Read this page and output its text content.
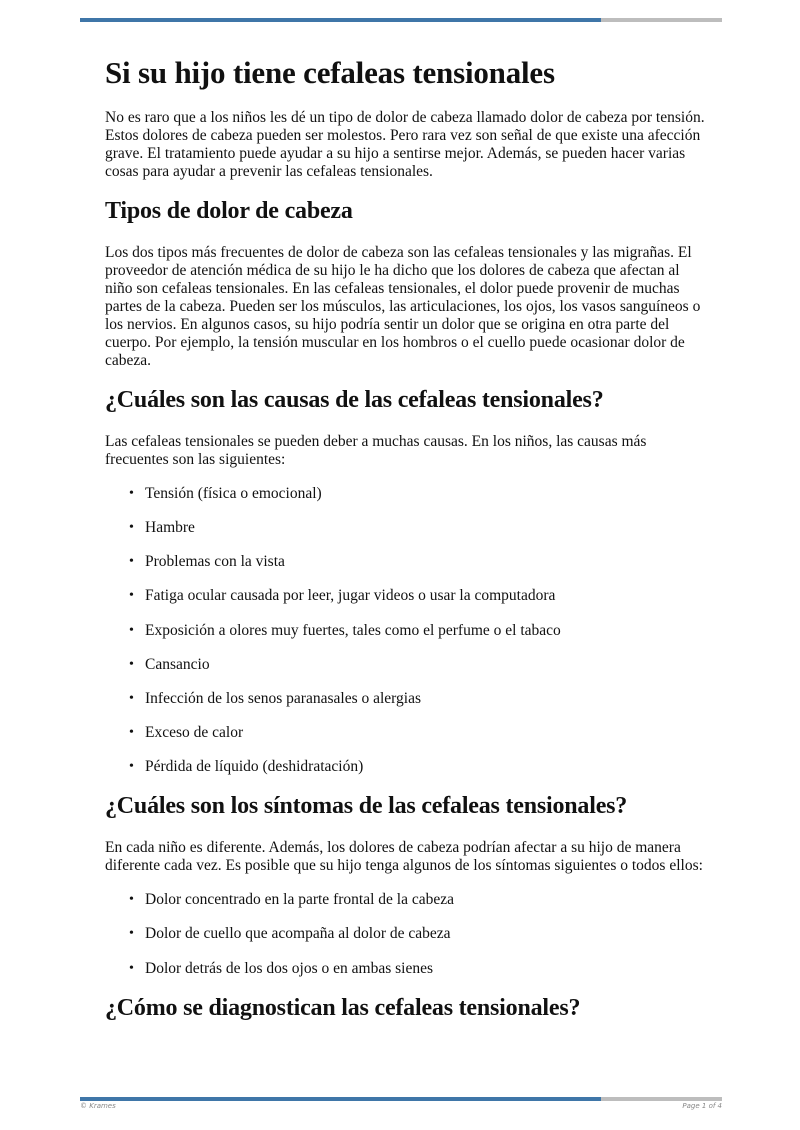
Si su hijo tiene cefaleas tensionales

No es raro que a los niños les dé un tipo de dolor de cabeza llamado dolor de cabeza por tensión. Estos dolores de cabeza pueden ser molestos. Pero rara vez son señal de que existe una afección grave. El tratamiento puede ayudar a su hijo a sentirse mejor. Además, se pueden hacer varias cosas para ayudar a prevenir las cefaleas tensionales.

Tipos de dolor de cabeza

Los dos tipos más frecuentes de dolor de cabeza son las cefaleas tensionales y las migrañas. El proveedor de atención médica de su hijo le ha dicho que los dolores de cabeza que afectan al niño son cefaleas tensionales. En las cefaleas tensionales, el dolor puede provenir de muchas partes de la cabeza. Pueden ser los músculos, las articulaciones, los ojos, los vasos sanguíneos o los nervios. En algunos casos, su hijo podría sentir un dolor que se origina en otra parte del cuerpo. Por ejemplo, la tensión muscular en los hombros o el cuello puede ocasionar dolor de cabeza.

¿Cuáles son las causas de las cefaleas tensionales?

Las cefaleas tensionales se pueden deber a muchas causas. En los niños, las causas más frecuentes son las siguientes:

• Tensión (física o emocional)
• Hambre
• Problemas con la vista
• Fatiga ocular causada por leer, jugar videos o usar la computadora
• Exposición a olores muy fuertes, tales como el perfume o el tabaco
• Cansancio
• Infección de los senos paranasales o alergias
• Exceso de calor
• Pérdida de líquido (deshidratación)
¿Cuáles son los síntomas de las cefaleas tensionales?

En cada niño es diferente. Además, los dolores de cabeza podrían afectar a su hijo de manera diferente cada vez. Es posible que su hijo tenga algunos de los síntomas siguientes o todos ellos:

• Dolor concentrado en la parte frontal de la cabeza
• Dolor de cuello que acompaña al dolor de cabeza
• Dolor detrás de los dos ojos o en ambas sienes
¿Cómo se diagnostican las cefaleas tensionales?
© Krames	Page 1 of 4
